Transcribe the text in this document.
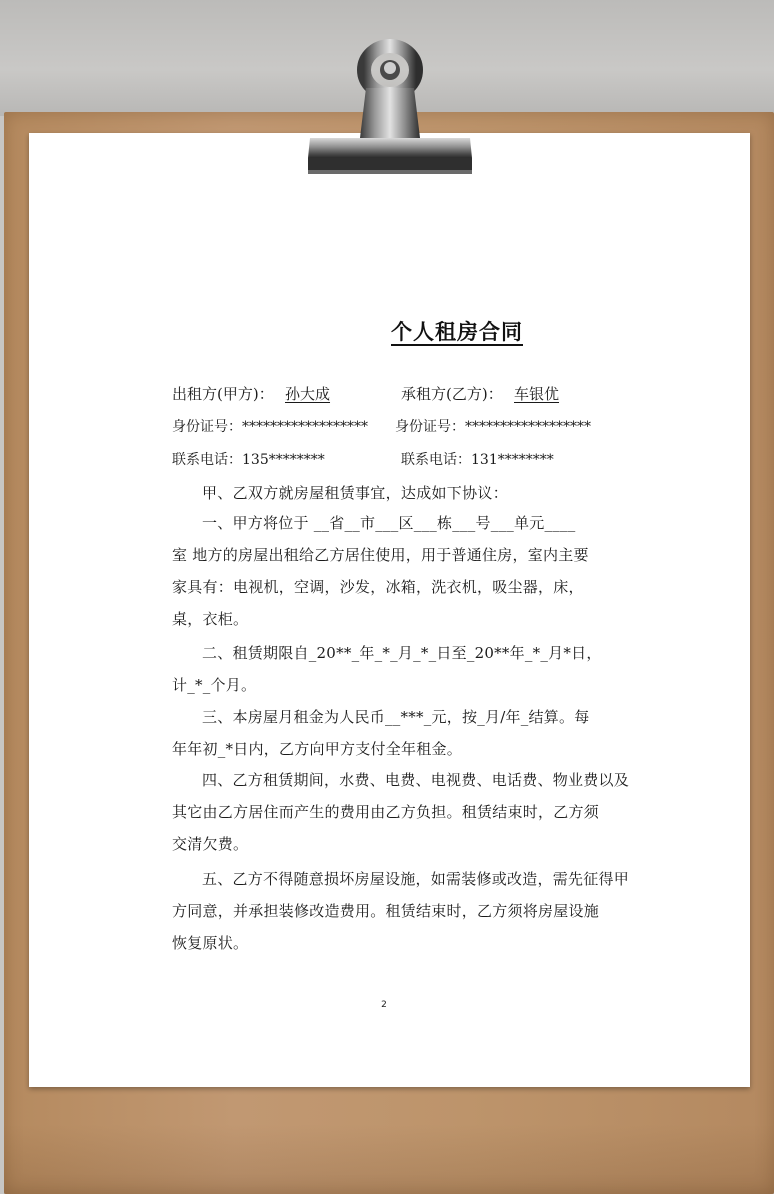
个人租房合同
出租方(甲方)： 孙大成	承租方(乙方)： 车银优
身份证号：****************** 身份证号：******************
联系电话：135********	联系电话：131********
甲、乙双方就房屋租赁事宜，达成如下协议：
一、甲方将位于 __省__市___区___栋___号___单元____
室 地方的房屋出租给乙方居住使用，用于普通住房，室内主要
家具有：电视机，空调，沙发，冰箱，洗衣机，吸尘器，床，
桌，衣柜。
二、租赁期限自_20**_年_*_月_*_日至_20**年_*_月*日，
计_*_个月。
三、本房屋月租金为人民币__***_元，按_月/年_结算。每
年年初_*日内，乙方向甲方支付全年租金。
四、乙方租赁期间，水费、电费、电视费、电话费、物业费以及
其它由乙方居住而产生的费用由乙方负担。租赁结束时，乙方须
交清欠费。
五、乙方不得随意损坏房屋设施，如需装修或改造，需先征得甲
方同意，并承担装修改造费用。租赁结束时，乙方须将房屋设施
恢复原状。
2
